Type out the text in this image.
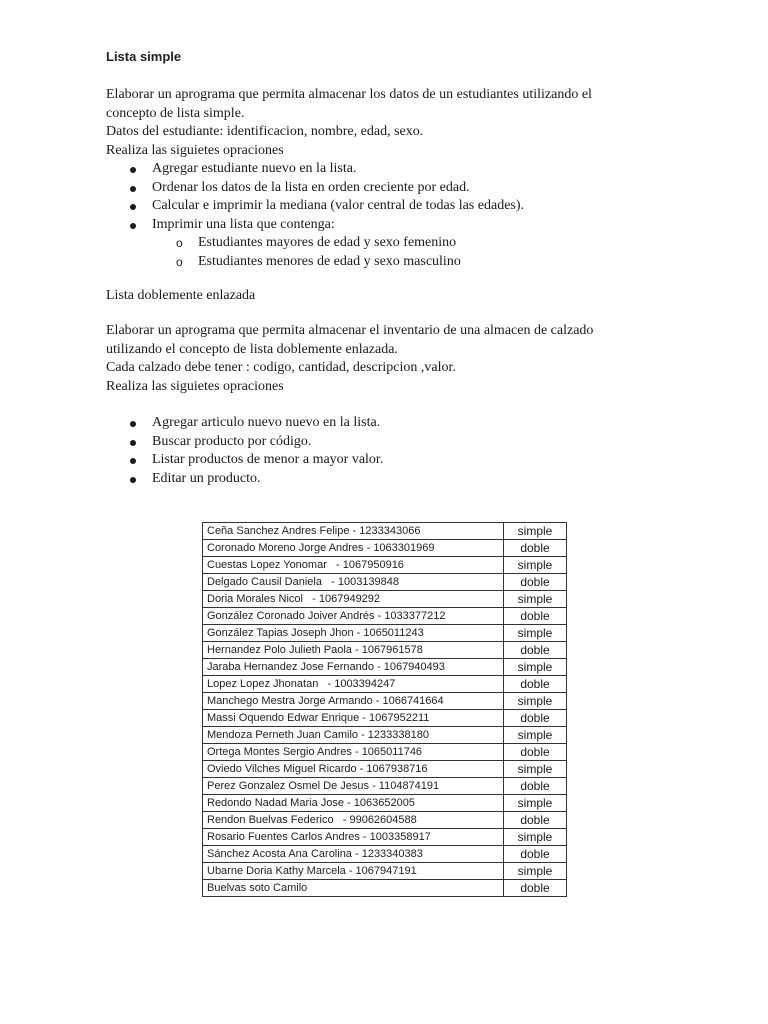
Lista simple

Elaborar un aprograma que permita almacenar los datos de un estudiantes utilizando el

concepto de lista simple.

Datos del estudiante: identificacion, nombre, edad, sexo.

Realiza las siguietes opraciones

Agregar estudiante nuevo en la lista.
Ordenar los datos de la lista en orden creciente por edad.
Calcular e imprimir la mediana (valor central de todas las edades).
Imprimir una lista que contenga:
o Estudiantes mayores de edad y sexo femenino
o Estudiantes menores de edad y sexo masculino
Lista doblemente enlazada

Elaborar un aprograma que permita almacenar el inventario de una almacen de calzado

utilizando el concepto de lista doblemente enlazada.

Cada calzado debe tener : codigo, cantidad, descripcion ,valor.

Realiza las siguietes opraciones

Agregar articulo nuevo nuevo en la lista.
Buscar producto por código.
Listar productos de menor a mayor valor.
Editar un producto.
Ceña Sanchez Andres Felipe - 1233343066	simple
Coronado Moreno Jorge Andres - 1063301969	doble
Cuestas Lopez Yonomar   - 1067950916	simple
Delgado Causil Daniela   - 1003139848	doble
Doria Morales Nicol   - 1067949292	simple
González Coronado Joiver Andrés - 1033377212	doble
González Tapias Joseph Jhon - 1065011243	simple
Hernandez Polo Julieth Paola - 1067961578	doble
Jaraba Hernandez Jose Fernando - 1067940493	simple
Lopez Lopez Jhonatan   - 1003394247	doble
Manchego Mestra Jorge Armando - 1066741664	simple
Massi Oquendo Edwar Enrique - 1067952211	doble
Mendoza Perneth Juan Camilo - 1233338180	simple
Ortega Montes Sergio Andres - 1065011746	doble
Oviedo Vilches Miguel Ricardo - 1067938716	simple
Perez Gonzalez Osmel De Jesus - 1104874191	doble
Redondo Nadad Maria Jose - 1063652005	simple
Rendon Buelvas Federico   - 99062604588	doble
Rosario Fuentes Carlos Andres - 1003358917	simple
Sánchez Acosta Ana Carolina - 1233340383	doble
Ubarne Doria Kathy Marcela - 1067947191	simple
Buelvas soto Camilo	doble
